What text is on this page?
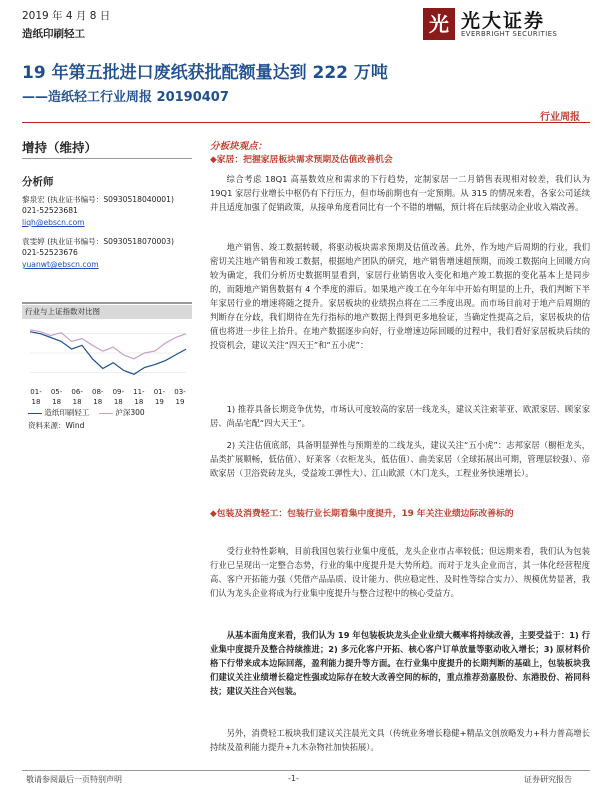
2019 年 4 月 8 日
造纸印刷轻工	光 光大证券
EVERBRIGHT SECURITIES
19 年第五批进口废纸获批配额量达到 222 万吨
——造纸轻工行业周报 20190407
行业周报
增持（维持）
分析师
黎泉宏 (执业证书编号：S0930518040001)
021-52523681
liqh@ebscn.com
袁雯婷 (执业证书编号：S0930518070003)
021-52523676
yuanwt@ebscn.com
行业与上证指数对比图
01-
18
05-
18
06-
18
08-
18
09-
18
11-
18
01-
19
03-
19
造纸印刷轻工	沪深300
资料来源：Wind
分板块观点：
◆家居：把握家居板块需求预期及估值改善机会
综合考虑 18Q1 高基数效应和需求的下行趋势，定制家居一二月销售表现相对较差，我们认为 19Q1 家居行业增长中枢仍有下行压力，但市场前期也有一定预期。从 315 的情况来看，各家公司延续并且适度加强了促销政策，从接单角度看同比有一个不错的增幅，预计将在后续驱动企业收入端改善。
地产销售、竣工数据转暖，将驱动板块需求预期及估值改善。此外，作为地产后周期的行业，我们密切关注地产销售和竣工数据，根据地产团队的研究，地产销售增速超预期，而竣工数据向上回暖方向较为确定，我们分析历史数据明显看到，家居行业销售收入变化和地产竣工数据的变化基本上是同步的，而随地产销售数据有 4 个季度的滞后。如果地产竣工在今年年中开始有明显的上升，我们判断下半年家居行业的增速将随之提升。家居板块的业绩拐点将在二三季度出现。而市场目前对于地产后周期的判断存在分歧，我们期待在先行指标的地产数据上得到更多地验证，当确定性提高之后，家居板块的估值也将进一步往上抬升。在地产数据逐步向好，行业增速边际回暖的过程中，我们看好家居板块后续的投资机会，建议关注“四天王”和“五小虎”：
1) 推荐具备长期竞争优势，市场认可度较高的家居一线龙头，建议关注索菲亚、欧派家居、顾家家居、尚品宅配“四大天王”。
2) 关注估值底部，具备明显弹性与预期差的二线龙头，建议关注“五小虎”：志邦家居（橱柜龙头，品类扩展顺畅，低估值）、好莱客（衣柜龙头，低估值）、曲美家居（全球拓展出可期，管理层较强）、帝欧家居（卫浴瓷砖龙头，受益竣工弹性大）、江山欧派（木门龙头，工程业务快速增长）。
◆包装及消费轻工：包装行业长期看集中度提升，19 年关注业绩边际改善标的
受行业特性影响，目前我国包装行业集中度低，龙头企业市占率较低；但远期来看，我们认为包装行业已呈现出一定整合态势，行业的集中度提升是大势所趋。而对于龙头企业而言，其一体化经营程度高、客户开拓能力强（凭借产品品质、设计能力、供应稳定性、及时性等综合实力）、规模优势显著，我们认为龙头企业将成为行业集中度提升与整合过程中的核心受益方。
从基本面角度来看，我们认为 19 年包装板块龙头企业业绩大概率将持续改善，主要受益于：1) 行业集中度提升及整合持续推进；2) 多元化客户开拓、核心客户订单放量等驱动收入增长；3) 原材料价格下行带来成本边际回落，盈利能力提升等方面。在行业集中度提升的长期判断的基础上，包装板块我们建议关注业绩增长稳定性强或边际存在较大改善空间的标的，重点推荐劲嘉股份、东港股份、裕同科技；建议关注合兴包装。
另外，消费轻工板块我们建议关注晨光文具（传统业务增长稳健+精品文创放略发力+科力普高增长持续及盈利能力提升+九木杂物社加快拓展）。
敬请参阅最后一页特别声明	-1-	证券研究报告
